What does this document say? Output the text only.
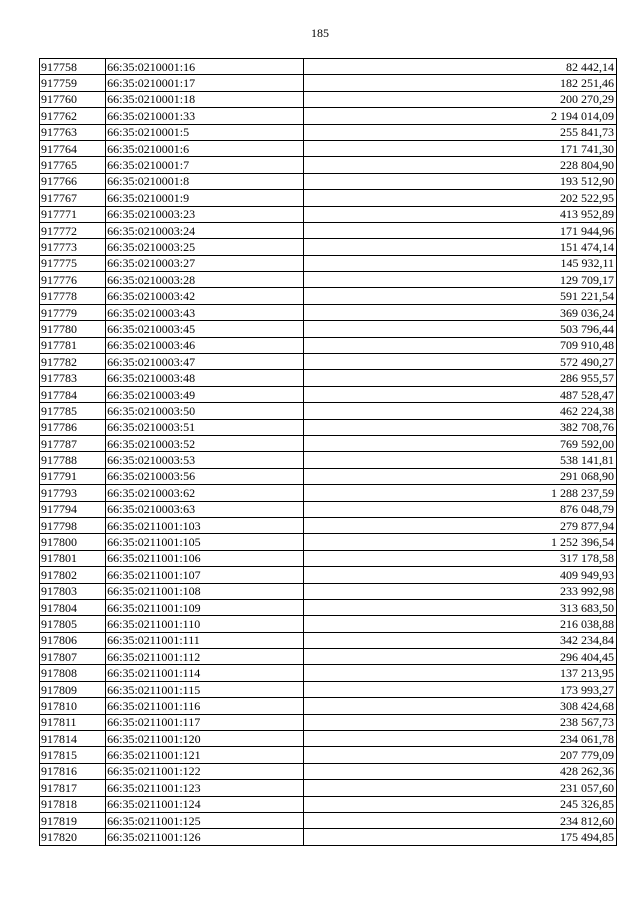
185
917758	66:35:0210001:16	82 442,14
917759	66:35:0210001:17	182 251,46
917760	66:35:0210001:18	200 270,29
917762	66:35:0210001:33	2 194 014,09
917763	66:35:0210001:5	255 841,73
917764	66:35:0210001:6	171 741,30
917765	66:35:0210001:7	228 804,90
917766	66:35:0210001:8	193 512,90
917767	66:35:0210001:9	202 522,95
917771	66:35:0210003:23	413 952,89
917772	66:35:0210003:24	171 944,96
917773	66:35:0210003:25	151 474,14
917775	66:35:0210003:27	145 932,11
917776	66:35:0210003:28	129 709,17
917778	66:35:0210003:42	591 221,54
917779	66:35:0210003:43	369 036,24
917780	66:35:0210003:45	503 796,44
917781	66:35:0210003:46	709 910,48
917782	66:35:0210003:47	572 490,27
917783	66:35:0210003:48	286 955,57
917784	66:35:0210003:49	487 528,47
917785	66:35:0210003:50	462 224,38
917786	66:35:0210003:51	382 708,76
917787	66:35:0210003:52	769 592,00
917788	66:35:0210003:53	538 141,81
917791	66:35:0210003:56	291 068,90
917793	66:35:0210003:62	1 288 237,59
917794	66:35:0210003:63	876 048,79
917798	66:35:0211001:103	279 877,94
917800	66:35:0211001:105	1 252 396,54
917801	66:35:0211001:106	317 178,58
917802	66:35:0211001:107	409 949,93
917803	66:35:0211001:108	233 992,98
917804	66:35:0211001:109	313 683,50
917805	66:35:0211001:110	216 038,88
917806	66:35:0211001:111	342 234,84
917807	66:35:0211001:112	296 404,45
917808	66:35:0211001:114	137 213,95
917809	66:35:0211001:115	173 993,27
917810	66:35:0211001:116	308 424,68
917811	66:35:0211001:117	238 567,73
917814	66:35:0211001:120	234 061,78
917815	66:35:0211001:121	207 779,09
917816	66:35:0211001:122	428 262,36
917817	66:35:0211001:123	231 057,60
917818	66:35:0211001:124	245 326,85
917819	66:35:0211001:125	234 812,60
917820	66:35:0211001:126	175 494,85
